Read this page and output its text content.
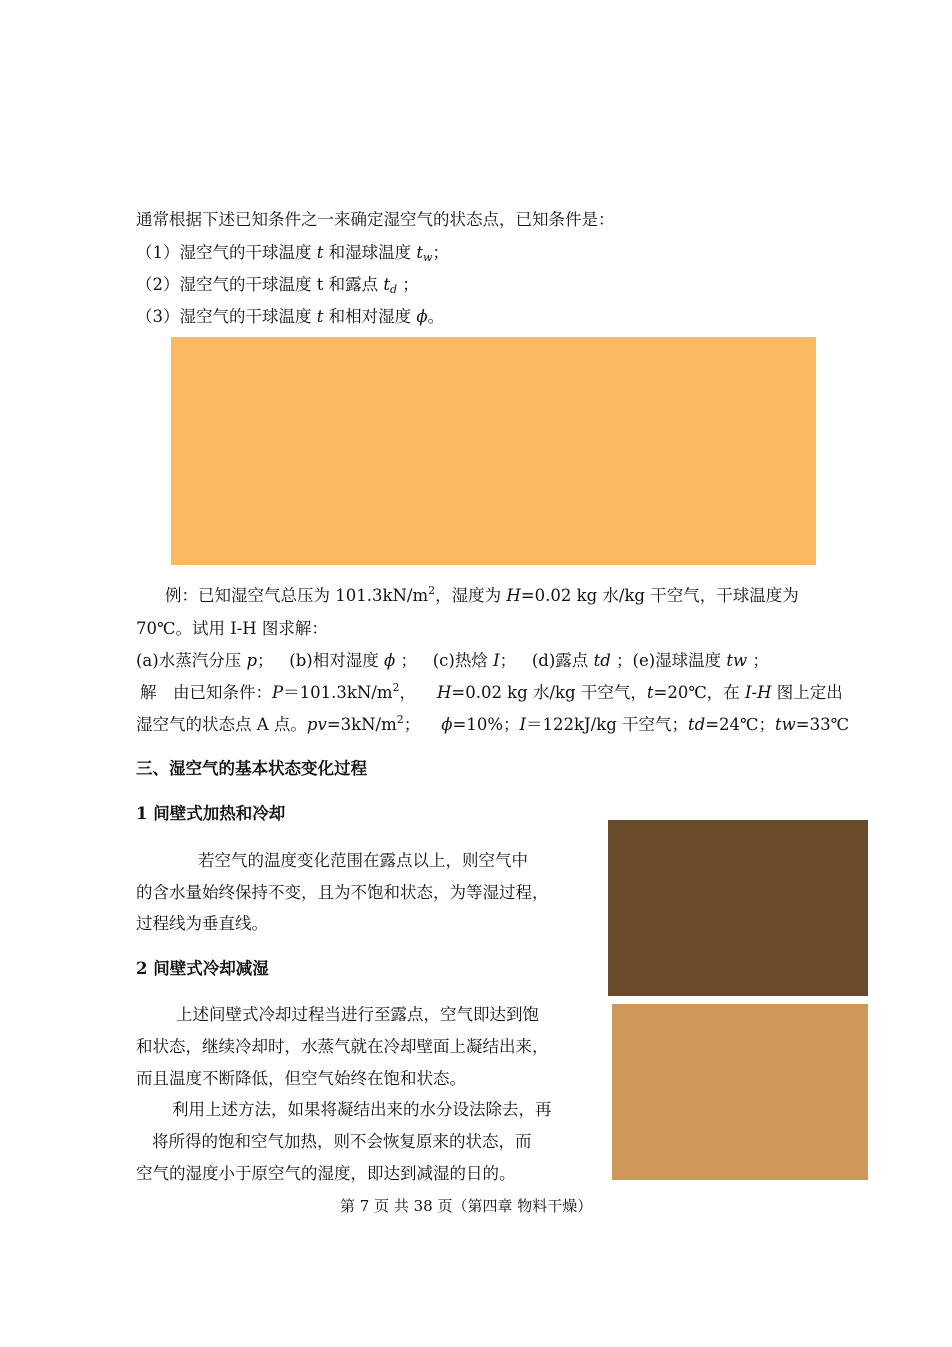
通常根据下述已知条件之一来确定湿空气的状态点，已知条件是：
（1）湿空气的干球温度 t 和湿球温度 $t_w$；
（2）湿空气的干球温度 t 和露点 $t_d$ ；
（3）湿空气的干球温度 t 和相对湿度 ϕ。
例：已知湿空气总压为 $101.3kN/m^2$，湿度为 H=0.02 kg 水/kg 干空气，干球温度为
70℃。试用 I-H 图求解：
(a)水蒸汽分压 p； (b)相对湿度 ϕ ； (c)热焓 I； (d)露点 td ；(e)湿球温度 tw ；
解　由已知条件：$P=101.3kN/m^2$， H=0.02 kg 水/kg 干空气，t=20℃，在 I-H 图上定出
湿空气的状态点 A 点。$pv=3kN/m^2$； ϕ=10%；I＝122kJ/kg 干空气；td=24℃；tw=33℃
三、湿空气的基本状态变化过程
1 间壁式加热和冷却
若空气的温度变化范围在露点以上，则空气中
的含水量始终保持不变，且为不饱和状态，为等湿过程，
过程线为垂直线。
2 间壁式冷却减湿
上述间壁式冷却过程当进行至露点，空气即达到饱
和状态，继续冷却时，水蒸气就在冷却壁面上凝结出来，
而且温度不断降低，但空气始终在饱和状态。
利用上述方法，如果将凝结出来的水分设法除去，再
将所得的饱和空气加热，则不会恢复原来的状态，而
空气的湿度小于原空气的湿度，即达到减湿的日的。
第 7 页 共 38 页（第四章 物料干燥）
